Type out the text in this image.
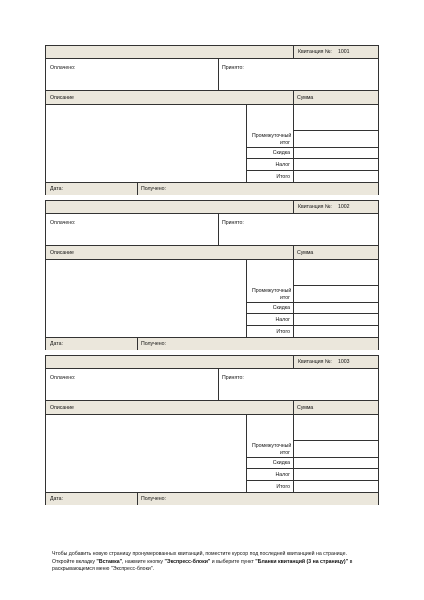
Квитанция №: 1001
Оплачено:	Принято:
Описание	Сумма
Промежуточный итог
Скидка
Налог
Итого
Дата:	Получено:
Квитанция №: 1002
Оплачено:	Принято:
Описание	Сумма
Промежуточный итог
Скидка
Налог
Итого
Дата:	Получено:
Квитанция №: 1003
Оплачено:	Принято:
Описание	Сумма
Промежуточный итог
Скидка
Налог
Итого
Дата:	Получено:
Чтобы добавить новую страницу пронумерованных квитанций, поместите курсор под последней квитанцией на странице. Откройте вкладку "Вставка", нажмите кнопку "Экспресс-блоки" и выберите пункт "Бланки квитанций (3 на страницу)" в раскрывающемся меню "Экспресс-блоки".
